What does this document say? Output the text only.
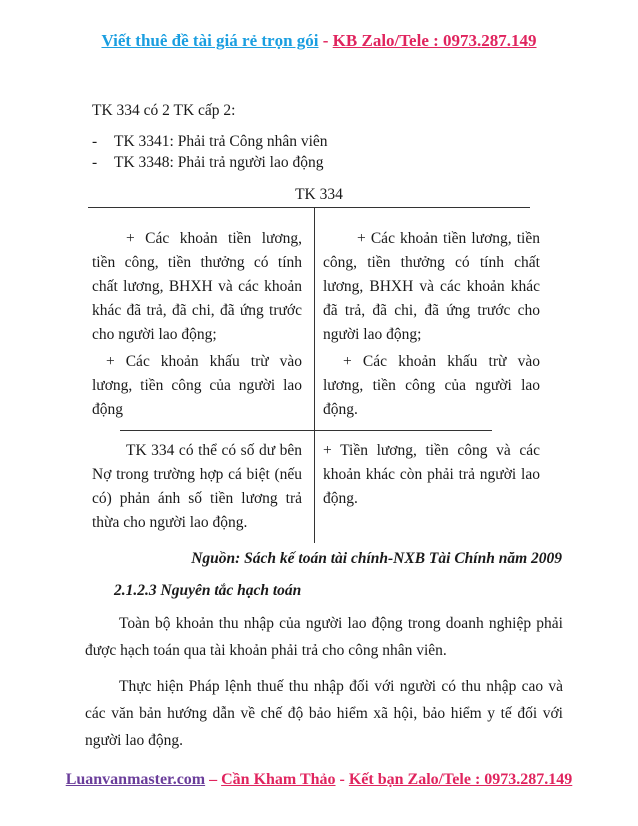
Viết thuê đề tài giá rẻ trọn gói - KB Zalo/Tele : 0973.287.149
TK 334 có 2 TK cấp 2:
- TK 3341: Phải trả Công nhân viên
- TK 3348: Phải trả người lao động
TK 334

+ Các khoản tiền lương, tiền công, tiền thưởng có tính chất lương, BHXH và các khoản khác đã trả, đã chi, đã ứng trước cho người lao động;

+ Các khoản khấu trừ vào lương, tiền công của người lao động

+ Các khoản tiền lương, tiền công, tiền thưởng có tính chất lương, BHXH và các khoản khác đã trả, đã chi, đã ứng trước cho người lao động;

+ Các khoản khấu trừ vào lương, tiền công của người lao động.

TK 334 có thể có số dư bên Nợ trong trường hợp cá biệt (nếu có) phản ánh số tiền lương trả thừa cho người lao động.

+ Tiền lương, tiền công và các khoản khác còn phải trả người lao động.

Nguồn: Sách kế toán tài chính-NXB Tài Chính năm 2009
2.1.2.3 Nguyên tắc hạch toán

Toàn bộ khoản thu nhập của người lao động trong doanh nghiệp phải được hạch toán qua tài khoản phải trả cho công nhân viên.

Thực hiện Pháp lệnh thuế thu nhập đối với người có thu nhập cao và các văn bản hướng dẫn về chế độ bảo hiểm xã hội, bảo hiểm y tế đối với người lao động.

Luanvanmaster.com – Cần Kham Thảo - Kết bạn Zalo/Tele : 0973.287.149
